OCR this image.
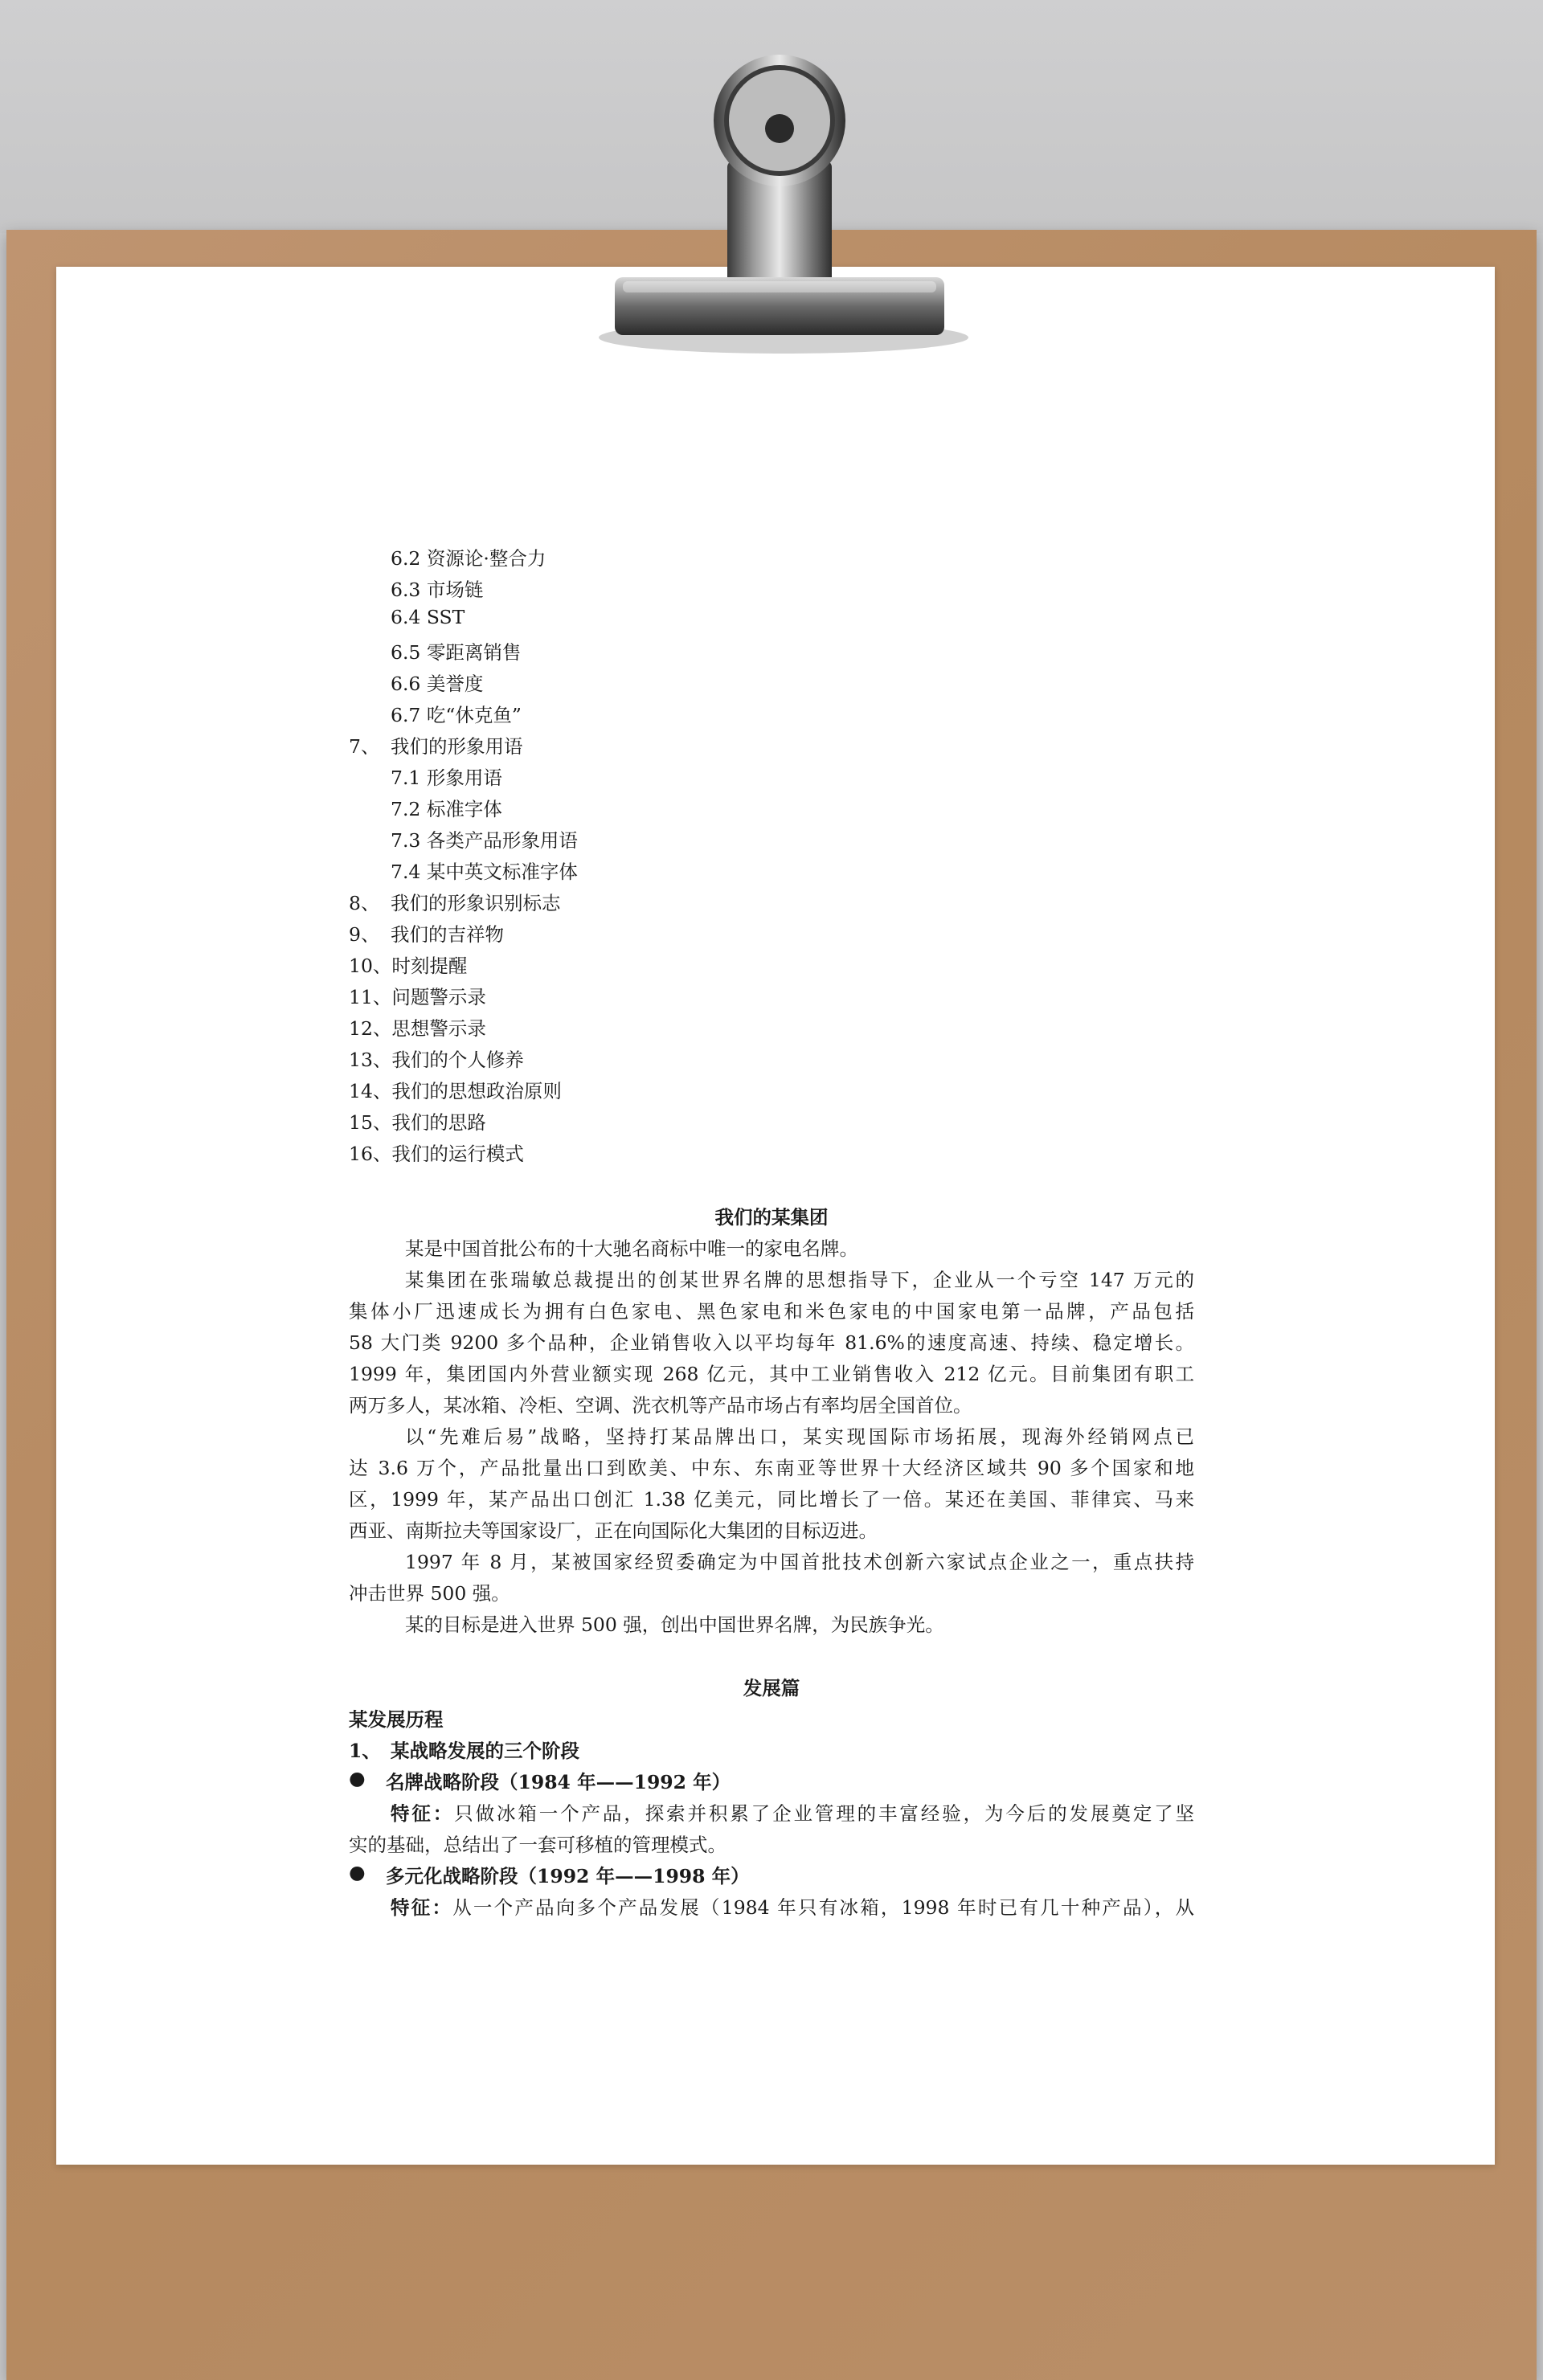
6.2 资源论·整合力
6.3 市场链
6.4 SST
6.5 零距离销售
6.6 美誉度
6.7 吃“休克鱼”
7、 我们的形象用语
7.1 形象用语
7.2 标准字体
7.3 各类产品形象用语
7.4 某中英文标准字体
8、 我们的形象识别标志
9、 我们的吉祥物
10、时刻提醒
11、问题警示录
12、思想警示录
13、我们的个人修养
14、我们的思想政治原则
15、我们的思路
16、我们的运行模式
我们的某集团
某是中国首批公布的十大驰名商标中唯一的家电名牌。
某集团在张瑞敏总裁提出的创某世界名牌的思想指导下，企业从一个亏空 147 万元的
集体小厂迅速成长为拥有白色家电、黑色家电和米色家电的中国家电第一品牌，产品包括
58 大门类 9200 多个品种，企业销售收入以平均每年 81.6%的速度高速、持续、稳定增长。
1999 年，集团国内外营业额实现 268 亿元，其中工业销售收入 212 亿元。目前集团有职工
两万多人，某冰箱、冷柜、空调、洗衣机等产品市场占有率均居全国首位。
以“先难后易”战略，坚持打某品牌出口，某实现国际市场拓展，现海外经销网点已
达 3.6 万个，产品批量出口到欧美、中东、东南亚等世界十大经济区域共 90 多个国家和地
区，1999 年，某产品出口创汇 1.38 亿美元，同比增长了一倍。某还在美国、菲律宾、马来
西亚、南斯拉夫等国家设厂，正在向国际化大集团的目标迈进。
1997 年 8 月，某被国家经贸委确定为中国首批技术创新六家试点企业之一，重点扶持
冲击世界 500 强。
某的目标是进入世界 500 强，创出中国世界名牌，为民族争光。
发展篇
某发展历程
1、 某战略发展的三个阶段
● 名牌战略阶段（1984 年——1992 年）
特征：只做冰箱一个产品，探索并积累了企业管理的丰富经验，为今后的发展奠定了坚
实的基础，总结出了一套可移植的管理模式。
● 多元化战略阶段（1992 年——1998 年）
特征：从一个产品向多个产品发展（1984 年只有冰箱，1998 年时已有几十种产品），从
